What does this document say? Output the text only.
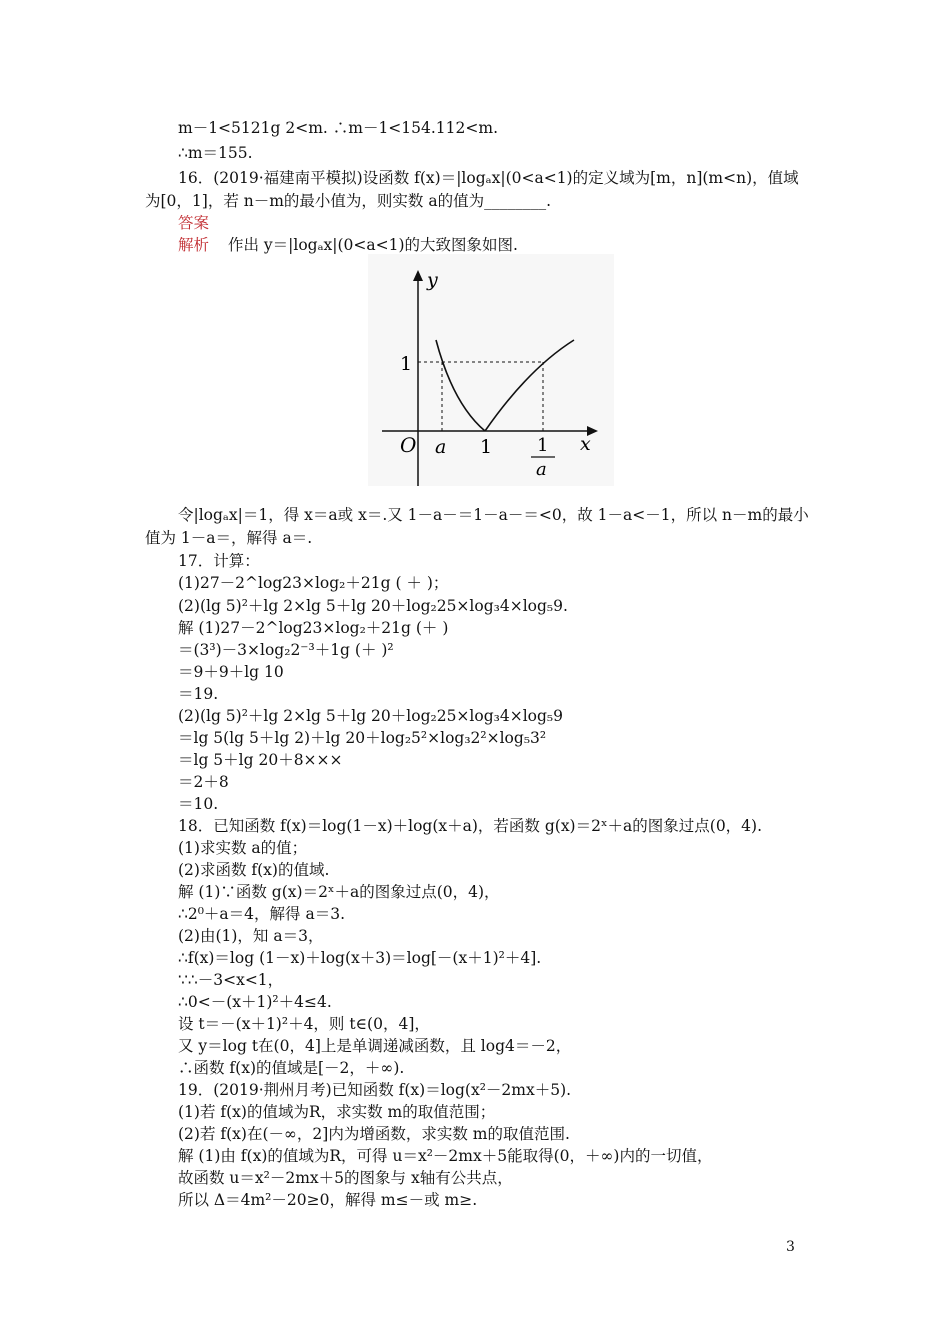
m－1<5121g 2<m. ∴m－1<154.112<m.
∴m＝155.
16．(2019·福建南平模拟)设函数 f(x)＝|logₐx|(0<a<1)的定义域为[m，n](m<n)，值域
为[0，1]，若 n－m的最小值为，则实数 a的值为________.
答案
解析 作出 y＝|logₐx|(0<a<1)的大致图象如图.
y
x
O
1
a 1 1
a
令|logₐx|＝1，得 x＝a或 x＝.又 1－a－＝1－a－＝<0，故 1－a<－1，所以 n－m的最小
值为 1－a＝，解得 a＝.
17．计算：
(1)27－2^log23×log₂＋21g ( ＋ )；
(2)(lg 5)²＋lg 2×lg 5＋lg 20＋log₂25×log₃4×log₅9.
解 (1)27－2^log23×log₂＋21g (＋ )
＝(3³)－3×log₂2⁻³＋1g (＋ )²
＝9＋9＋lg 10
＝19.
(2)(lg 5)²＋lg 2×lg 5＋lg 20＋log₂25×log₃4×log₅9
＝lg 5(lg 5＋lg 2)＋lg 20＋log₂5²×log₃2²×log₅3²
＝lg 5＋lg 20＋8×××
＝2＋8
＝10.
18．已知函数 f(x)＝log(1－x)＋log(x＋a)，若函数 g(x)＝2ˣ＋a的图象过点(0，4).
(1)求实数 a的值；
(2)求函数 f(x)的值域.
解 (1)∵函数 g(x)＝2ˣ＋a的图象过点(0，4)，
∴2⁰＋a＝4，解得 a＝3.
(2)由(1)，知 a＝3，
∴f(x)＝log (1－x)＋log(x＋3)＝log[－(x＋1)²＋4].
∵∴－3<x<1，
∴0<－(x＋1)²＋4≤4.
设 t＝－(x＋1)²＋4，则 t∈(0，4]，
又 y＝log t在(0，4]上是单调递减函数，且 log4＝－2，
∴函数 f(x)的值域是[－2，＋∞).
19．(2019·荆州月考)已知函数 f(x)＝log(x²－2mx＋5).
(1)若 f(x)的值域为R，求实数 m的取值范围；
(2)若 f(x)在(－∞，2]内为增函数，求实数 m的取值范围.
解 (1)由 f(x)的值域为R，可得 u＝x²－2mx＋5能取得(0，＋∞)内的一切值，
故函数 u＝x²－2mx＋5的图象与 x轴有公共点，
所以 Δ＝4m²－20≥0，解得 m≤－或 m≥.
3
